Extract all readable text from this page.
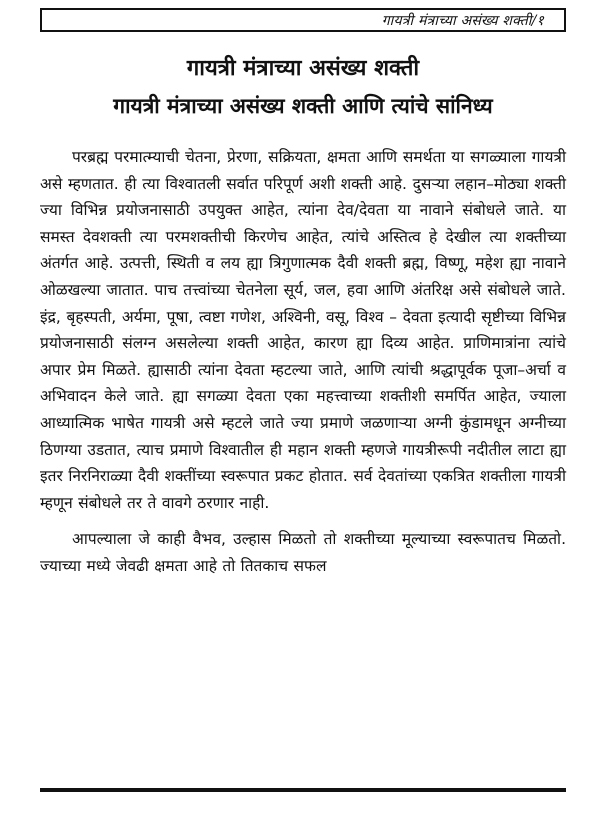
गायत्री मंत्राच्या असंख्य शक्ती/१
गायत्री मंत्राच्या असंख्य शक्ती
गायत्री मंत्राच्या असंख्य शक्ती आणि त्यांचे सांनिध्य

परब्रह्म परमात्म्याची चेतना, प्रेरणा, सक्रियता, क्षमता आणि समर्थता या सगळ्याला गायत्री असे म्हणतात. ही त्या विश्वातली सर्वात परिपूर्ण अशी शक्ती आहे. दुसऱ्या लहान–मोठ्या शक्ती ज्या विभिन्न प्रयोजनासाठी उपयुक्त आहेत, त्यांना देव/देवता या नावाने संबोधले जाते. या समस्त देवशक्ती त्या परमशक्तीची किरणेच आहेत, त्यांचे अस्तित्व हे देखील त्या शक्तीच्या अंतर्गत आहे. उत्पत्ती, स्थिती व लय ह्या त्रिगुणात्मक दैवी शक्ती ब्रह्म, विष्णू, महेश ह्या नावाने ओळखल्या जातात. पाच तत्त्वांच्या चेतनेला सूर्य, जल, हवा आणि अंतरिक्ष असे संबोधले जाते. इंद्र, बृहस्पती, अर्यमा, पूषा, त्वष्टा गणेश, अश्विनी, वसू, विश्व – देवता इत्यादी सृष्टीच्या विभिन्न प्रयोजनासाठी संलग्न असलेल्या शक्ती आहेत, कारण ह्या दिव्य आहेत. प्राणिमात्रांना त्यांचे अपार प्रेम मिळते. ह्यासाठी त्यांना देवता म्हटल्या जाते, आणि त्यांची श्रद्धापूर्वक पूजा–अर्चा व अभिवादन केले जाते. ह्या सगळ्या देवता एका महत्त्वाच्या शक्तीशी समर्पित आहेत, ज्याला आध्यात्मिक भाषेत गायत्री असे म्हटले जाते ज्या प्रमाणे जळणाऱ्या अग्नी कुंडामधून अग्नीच्या ठिणग्या उडतात, त्याच प्रमाणे विश्वातील ही महान शक्ती म्हणजे गायत्रीरूपी नदीतील लाटा ह्या इतर निरनिराळ्या दैवी शक्तींच्या स्वरूपात प्रकट होतात. सर्व देवतांच्या एकत्रित शक्तीला गायत्री म्हणून संबोधले तर ते वावगे ठरणार नाही.

आपल्याला जे काही वैभव, उल्हास मिळतो तो शक्तीच्या मूल्याच्या स्वरूपातच मिळतो. ज्याच्या मध्ये जेवढी क्षमता आहे तो तितकाच सफल
